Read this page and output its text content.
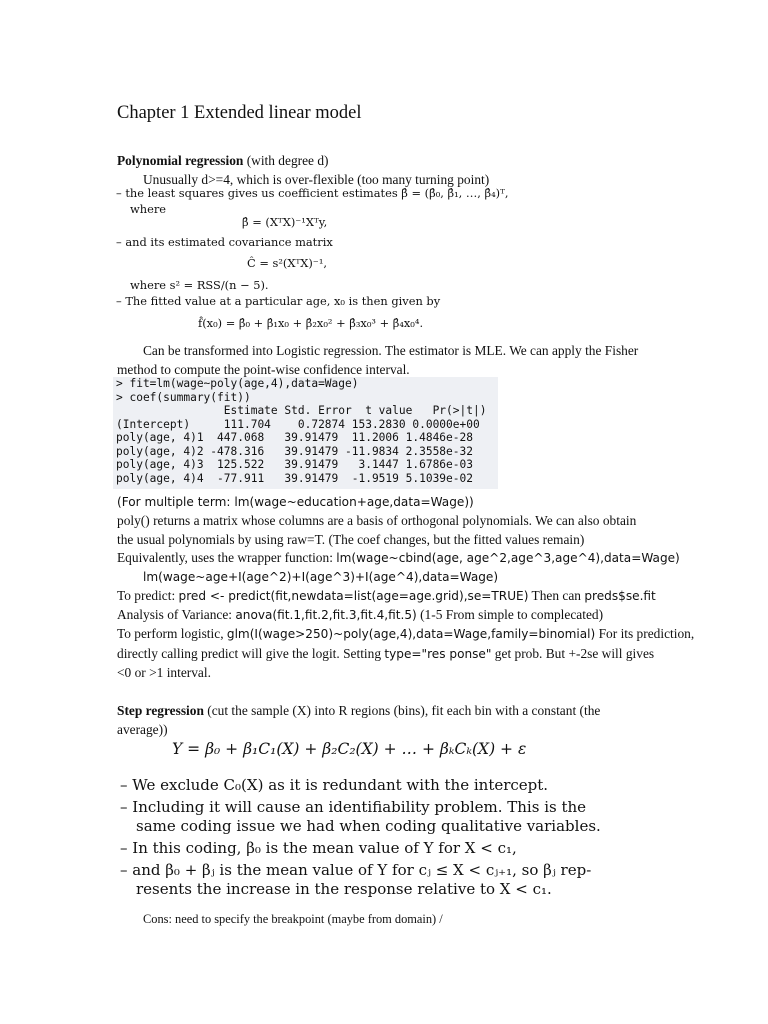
Chapter 1 Extended linear model
Polynomial regression (with degree d)
Unusually d>=4, which is over-flexible (too many turning point)
– the least squares gives us coefficient estimates β̂ = (β̂₀, β̂₁, …, β̂₄)ᵀ,
where
β̂ = (XᵀX)⁻¹Xᵀy,
– and its estimated covariance matrix
Ĉ = s²(XᵀX)⁻¹,
where s² = RSS/(n − 5).
– The fitted value at a particular age, x₀ is then given by
f̂(x₀) = β̂₀ + β̂₁x₀ + β̂₂x₀² + β̂₃x₀³ + β̂₄x₀⁴.
Can be transformed into Logistic regression. The estimator is MLE. We can apply the Fisher
method to compute the point-wise confidence interval.
> fit=lm(wage~poly(age,4),data=Wage)
> coef(summary(fit))
Estimate Std. Error  t value   Pr(>|t|)
(Intercept)     111.704    0.72874 153.2830 0.0000e+00
poly(age, 4)1  447.068   39.91479  11.2006 1.4846e-28
poly(age, 4)2 -478.316   39.91479 -11.9834 2.3558e-32
poly(age, 4)3  125.522   39.91479   3.1447 1.6786e-03
poly(age, 4)4  -77.911   39.91479  -1.9519 5.1039e-02
(For multiple term: lm(wage~education+age,data=Wage))
poly() returns a matrix whose columns are a basis of orthogonal polynomials. We can also obtain
the usual polynomials by using raw=T. (The coef changes, but the fitted values remain)
Equivalently, uses the wrapper function: lm(wage~cbind(age, age^2,age^3,age^4),data=Wage)
lm(wage~age+I(age^2)+I(age^3)+I(age^4),data=Wage)
To predict: pred <- predict(fit,newdata=list(age=age.grid),se=TRUE) Then can preds$se.fit
Analysis of Variance: anova(fit.1,fit.2,fit.3,fit.4,fit.5) (1-5 From simple to complecated)
To perform logistic, glm(I(wage>250)~poly(age,4),data=Wage,family=binomial) For its prediction,
directly calling predict will give the logit. Setting type="res ponse" get prob. But +-2se will gives
<0 or >1 interval.
Step regression (cut the sample (X) into R regions (bins), fit each bin with a constant (the
average))
Y = β₀ + β₁C₁(X) + β₂C₂(X) + … + βₖCₖ(X) + ε
– We exclude C₀(X) as it is redundant with the intercept.
– Including it will cause an identifiability problem. This is the
same coding issue we had when coding qualitative variables.
– In this coding, β₀ is the mean value of Y for X < c₁,
– and β₀ + βⱼ is the mean value of Y for cⱼ ≤ X < cⱼ₊₁, so βⱼ rep-
resents the increase in the response relative to X < c₁.
Cons: need to specify the breakpoint (maybe from domain) /
